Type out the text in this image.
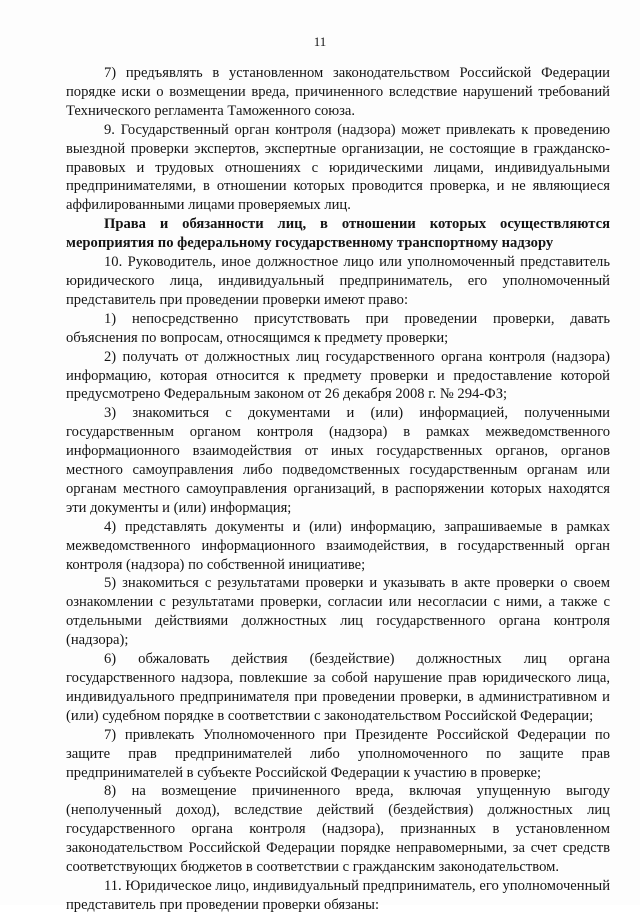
11

7) предъявлять в установленном законодательством Российской Федерации порядке иски о возмещении вреда, причиненного вследствие нарушений требований Технического регламента Таможенного союза.

9. Государственный орган контроля (надзора) может привлекать к проведению выездной проверки экспертов, экспертные организации, не состоящие в гражданско-правовых и трудовых отношениях с юридическими лицами, индивидуальными предпринимателями, в отношении которых проводится проверка, и не являющиеся аффилированными лицами проверяемых лиц.

Права и обязанности лиц, в отношении которых осуществляются мероприятия по федеральному государственному транспортному надзору

10. Руководитель, иное должностное лицо или уполномоченный представитель юридического лица, индивидуальный предприниматель, его уполномоченный представитель при проведении проверки имеют право:

1) непосредственно присутствовать при проведении проверки, давать объяснения по вопросам, относящимся к предмету проверки;

2) получать от должностных лиц государственного органа контроля (надзора) информацию, которая относится к предмету проверки и предоставление которой предусмотрено Федеральным законом от 26 декабря 2008 г. № 294-ФЗ;

3) знакомиться с документами и (или) информацией, полученными государственным органом контроля (надзора) в рамках межведомственного информационного взаимодействия от иных государственных органов, органов местного самоуправления либо подведомственных государственным органам или органам местного самоуправления организаций, в распоряжении которых находятся эти документы и (или) информация;

4) представлять документы и (или) информацию, запрашиваемые в рамках межведомственного информационного взаимодействия, в государственный орган контроля (надзора) по собственной инициативе;

5) знакомиться с результатами проверки и указывать в акте проверки о своем ознакомлении с результатами проверки, согласии или несогласии с ними, а также с отдельными действиями должностных лиц государственного органа контроля (надзора);

6) обжаловать действия (бездействие) должностных лиц органа государственного надзора, повлекшие за собой нарушение прав юридического лица, индивидуального предпринимателя при проведении проверки, в административном и (или) судебном порядке в соответствии с законодательством Российской Федерации;

7) привлекать Уполномоченного при Президенте Российской Федерации по защите прав предпринимателей либо уполномоченного по защите прав предпринимателей в субъекте Российской Федерации к участию в проверке;

8) на возмещение причиненного вреда, включая упущенную выгоду (неполученный доход), вследствие действий (бездействия) должностных лиц государственного органа контроля (надзора), признанных в установленном законодательством Российской Федерации порядке неправомерными, за счет средств соответствующих бюджетов в соответствии с гражданским законодательством.

11. Юридическое лицо, индивидуальный предприниматель, его уполномоченный представитель при проведении проверки обязаны:
